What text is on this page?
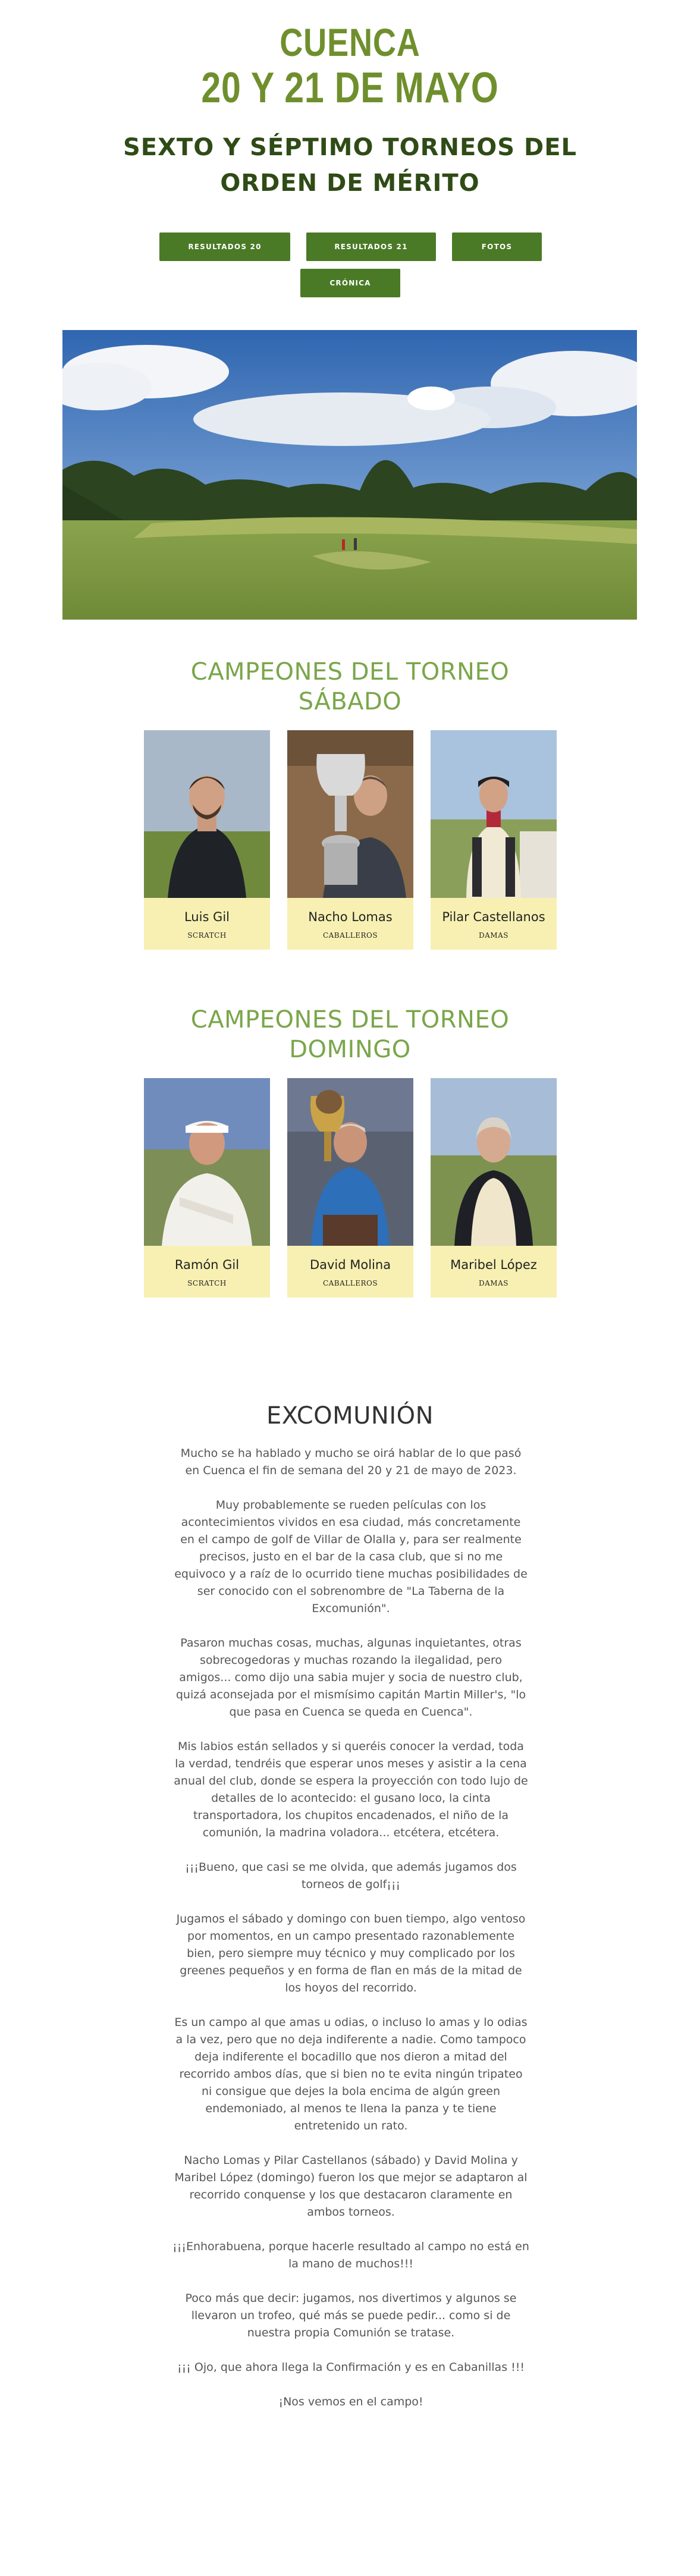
CUENCA
20 Y 21 DE MAYO
SEXTO Y SÉPTIMO TORNEOS DEL
ORDEN DE MÉRITO
RESULTADOS 20	RESULTADOS 21	FOTOS
CRÓNICA
CAMPEONES DEL TORNEO
SÁBADO
Luis Gil
SCRATCH
Nacho Lomas
CABALLEROS
Pilar Castellanos
DAMAS
CAMPEONES DEL TORNEO
DOMINGO
Ramón Gil
SCRATCH
David Molina
CABALLEROS
Maribel López
DAMAS
EXCOMUNIÓN

Mucho se ha hablado y mucho se oirá hablar de lo que pasó en Cuenca el fin de semana del 20 y 21 de mayo de 2023.

Muy probablemente se rueden películas con los acontecimientos vividos en esa ciudad, más concretamente en el campo de golf de Villar de Olalla y, para ser realmente precisos, justo en el bar de la casa club, que si no me equivoco y a raíz de lo ocurrido tiene muchas posibilidades de ser conocido con el sobrenombre de "La Taberna de la Excomunión".

Pasaron muchas cosas, muchas, algunas inquietantes, otras sobrecogedoras y muchas rozando la ilegalidad, pero amigos... como dijo una sabia mujer y socia de nuestro club, quizá aconsejada por el mismísimo capitán Martin Miller's, "lo que pasa en Cuenca se queda en Cuenca".

Mis labios están sellados y si queréis conocer la verdad, toda la verdad, tendréis que esperar unos meses y asistir a la cena anual del club, donde se espera la proyección con todo lujo de detalles de lo acontecido: el gusano loco, la cinta transportadora, los chupitos encadenados, el niño de la comunión, la madrina voladora... etcétera, etcétera.

¡¡¡Bueno, que casi se me olvida, que además jugamos dos torneos de golf¡¡¡

Jugamos el sábado y domingo con buen tiempo, algo ventoso por momentos, en un campo presentado razonablemente bien, pero siempre muy técnico y muy complicado por los greenes pequeños y en forma de flan en más de la mitad de los hoyos del recorrido.

Es un campo al que amas u odias, o incluso lo amas y lo odias a la vez, pero que no deja indiferente a nadie. Como tampoco deja indiferente el bocadillo que nos dieron a mitad del recorrido ambos días, que si bien no te evita ningún tripateo ni consigue que dejes la bola encima de algún green endemoniado, al menos te llena la panza y te tiene entretenido un rato.

Nacho Lomas y Pilar Castellanos (sábado) y David Molina y Maribel López (domingo) fueron los que mejor se adaptaron al recorrido conquense y los que destacaron claramente en ambos torneos.

¡¡¡Enhorabuena, porque hacerle resultado al campo no está en la mano de muchos!!!

Poco más que decir: jugamos, nos divertimos y algunos se llevaron un trofeo, qué más se puede pedir... como si de nuestra propia Comunión se tratase.

¡¡¡ Ojo, que ahora llega la Confirmación y es en Cabanillas !!!

¡Nos vemos en el campo!
